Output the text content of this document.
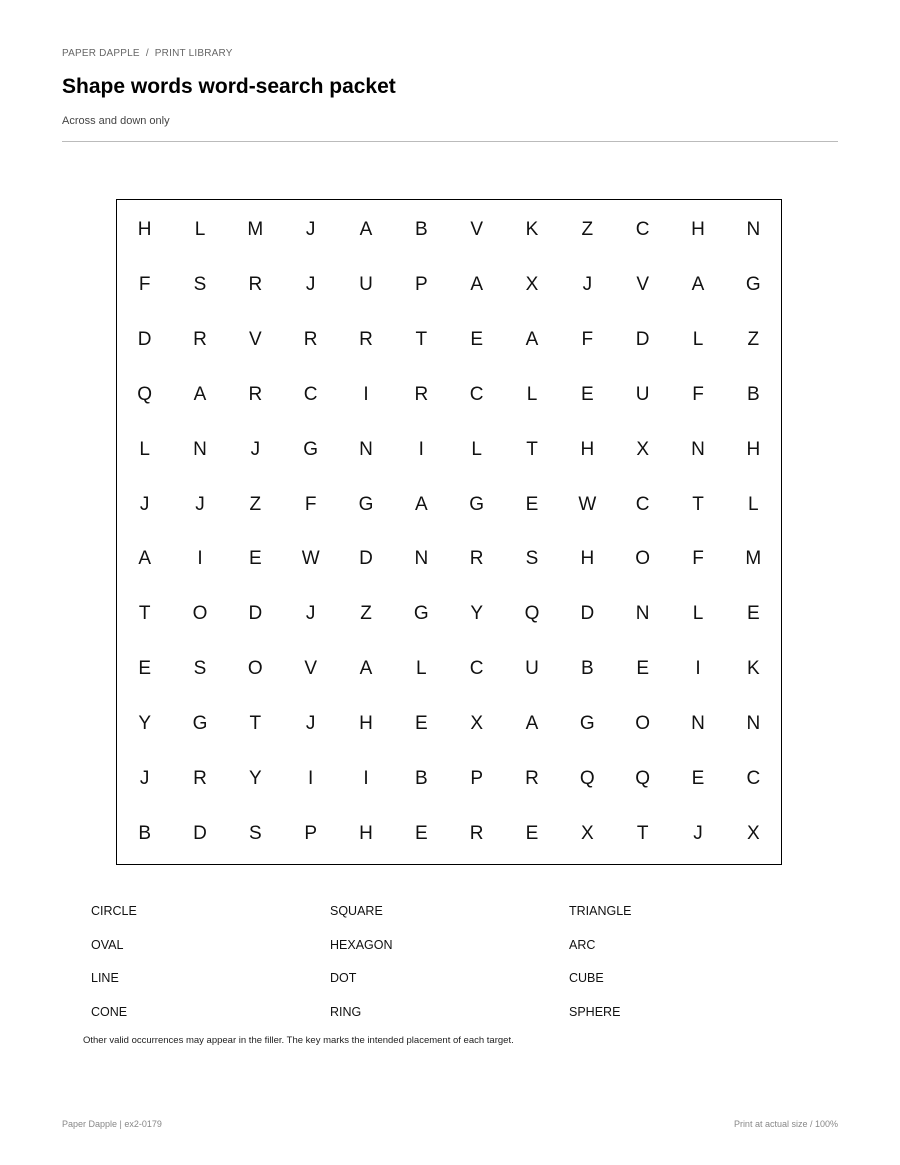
PAPER DAPPLE / PRINT LIBRARY
Shape words word-search packet
Across and down only
H	L	M	J	A	B	V	K	Z	C	H	N
F	S	R	J	U	P	A	X	J	V	A	G
D	R	V	R	R	T	E	A	F	D	L	Z
Q	A	R	C	I	R	C	L	E	U	F	B
L	N	J	G	N	I	L	T	H	X	N	H
J	J	Z	F	G	A	G	E	W	C	T	L
A	I	E	W	D	N	R	S	H	O	F	M
T	O	D	J	Z	G	Y	Q	D	N	L	E
E	S	O	V	A	L	C	U	B	E	I	K
Y	G	T	J	H	E	X	A	G	O	N	N
J	R	Y	I	I	B	P	R	Q	Q	E	C
B	D	S	P	H	E	R	E	X	T	J	X
CIRCLE	SQUARE	TRIANGLE
OVAL	HEXAGON	ARC
LINE	DOT	CUBE
CONE	RING	SPHERE
Other valid occurrences may appear in the filler. The key marks the intended placement of each target.
Paper Dapple | ex2-0179	Print at actual size / 100%
